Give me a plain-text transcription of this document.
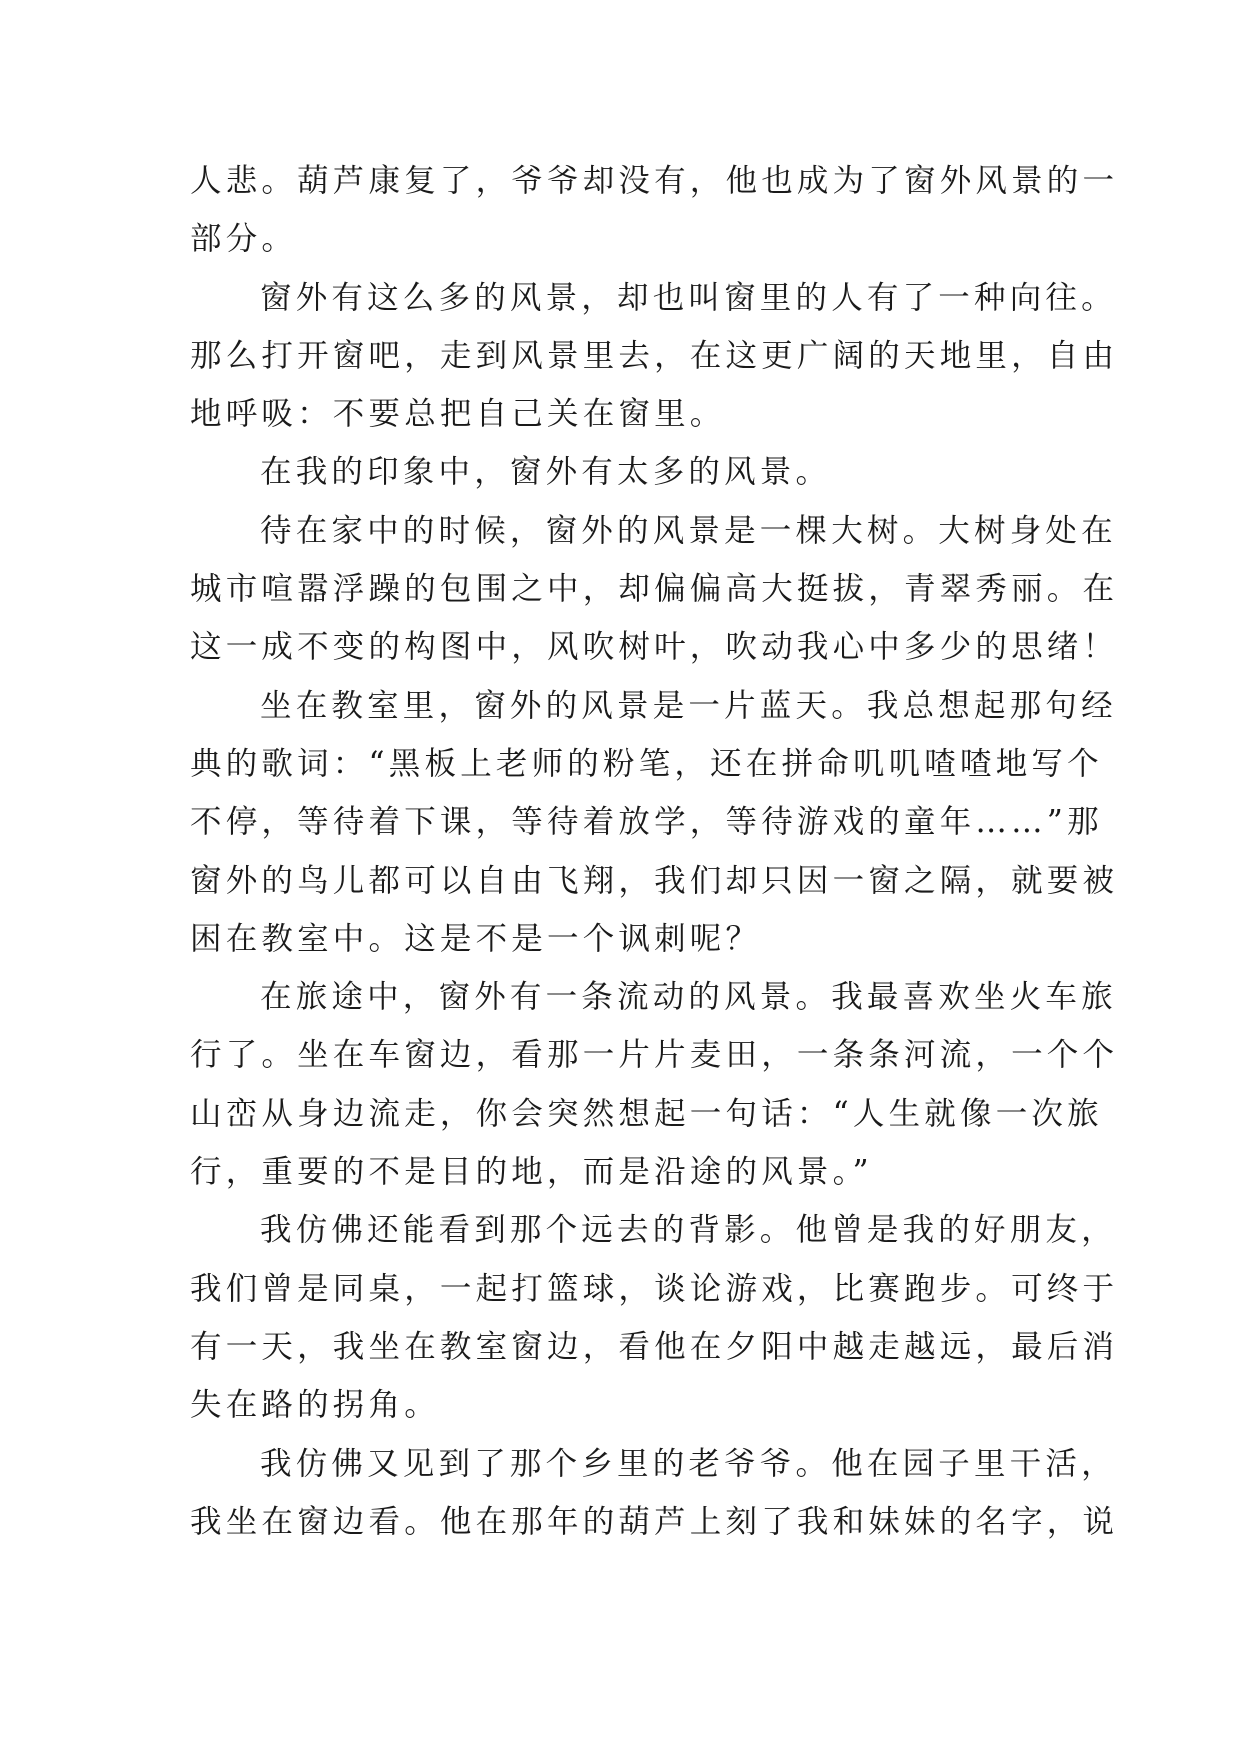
人悲。葫芦康复了，爷爷却没有，他也成为了窗外风景的一
部分。
窗外有这么多的风景，却也叫窗里的人有了一种向往。
那么打开窗吧，走到风景里去，在这更广阔的天地里，自由
地呼吸：不要总把自己关在窗里。
在我的印象中，窗外有太多的风景。
待在家中的时候，窗外的风景是一棵大树。大树身处在
城市喧嚣浮躁的包围之中，却偏偏高大挺拔，青翠秀丽。在
这一成不变的构图中，风吹树叶，吹动我心中多少的思绪！
坐在教室里，窗外的风景是一片蓝天。我总想起那句经
典的歌词：“黑板上老师的粉笔，还在拼命叽叽喳喳地写个
不停，等待着下课，等待着放学，等待游戏的童年……”那
窗外的鸟儿都可以自由飞翔，我们却只因一窗之隔，就要被
困在教室中。这是不是一个讽刺呢？
在旅途中，窗外有一条流动的风景。我最喜欢坐火车旅
行了。坐在车窗边，看那一片片麦田，一条条河流，一个个
山峦从身边流走，你会突然想起一句话：“人生就像一次旅
行，重要的不是目的地，而是沿途的风景。”
我仿佛还能看到那个远去的背影。他曾是我的好朋友，
我们曾是同桌，一起打篮球，谈论游戏，比赛跑步。可终于
有一天，我坐在教室窗边，看他在夕阳中越走越远，最后消
失在路的拐角。
我仿佛又见到了那个乡里的老爷爷。他在园子里干活，
我坐在窗边看。他在那年的葫芦上刻了我和妹妹的名字，说
